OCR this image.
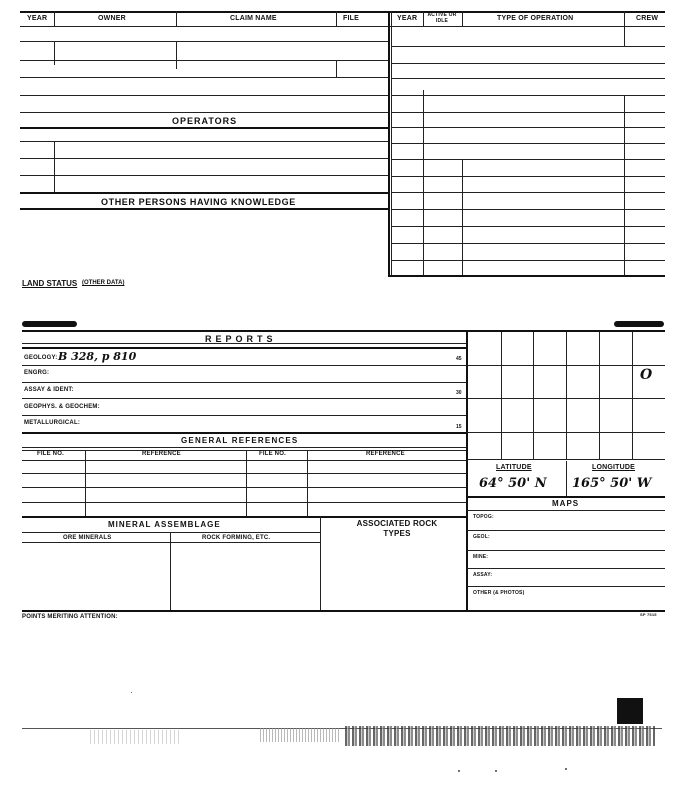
YEAR	OWNER	CLAIM NAME	FILE	YEAR ACTIVE OR IDLE	TYPE OF OPERATION	CREW
OPERATORS
OTHER PERSONS HAVING KNOWLEDGE
LAND STATUS (OTHER DATA)
REPORTS
GEOLOGY: B 328, p 810	45
ENGRG:
ASSAY & IDENT:	30
GEOPHYS. & GEOCHEM:
METALLURGICAL:
15
GENERAL REFERENCES
FILE NO.	REFERENCE	FILE NO.	REFERENCE
MINERAL ASSEMBLAGE
ORE MINERALS	ROCK FORMING, ETC.
ASSOCIATED ROCK TYPES
O
LATITUDE	LONGITUDE
64° 50' N 165° 50' W
MAPS
TOPOG:
GEOL:
MINE:
ASSAY:
OTHER (& PHOTOS)
POINTS MERITING ATTENTION:	SP 7515
